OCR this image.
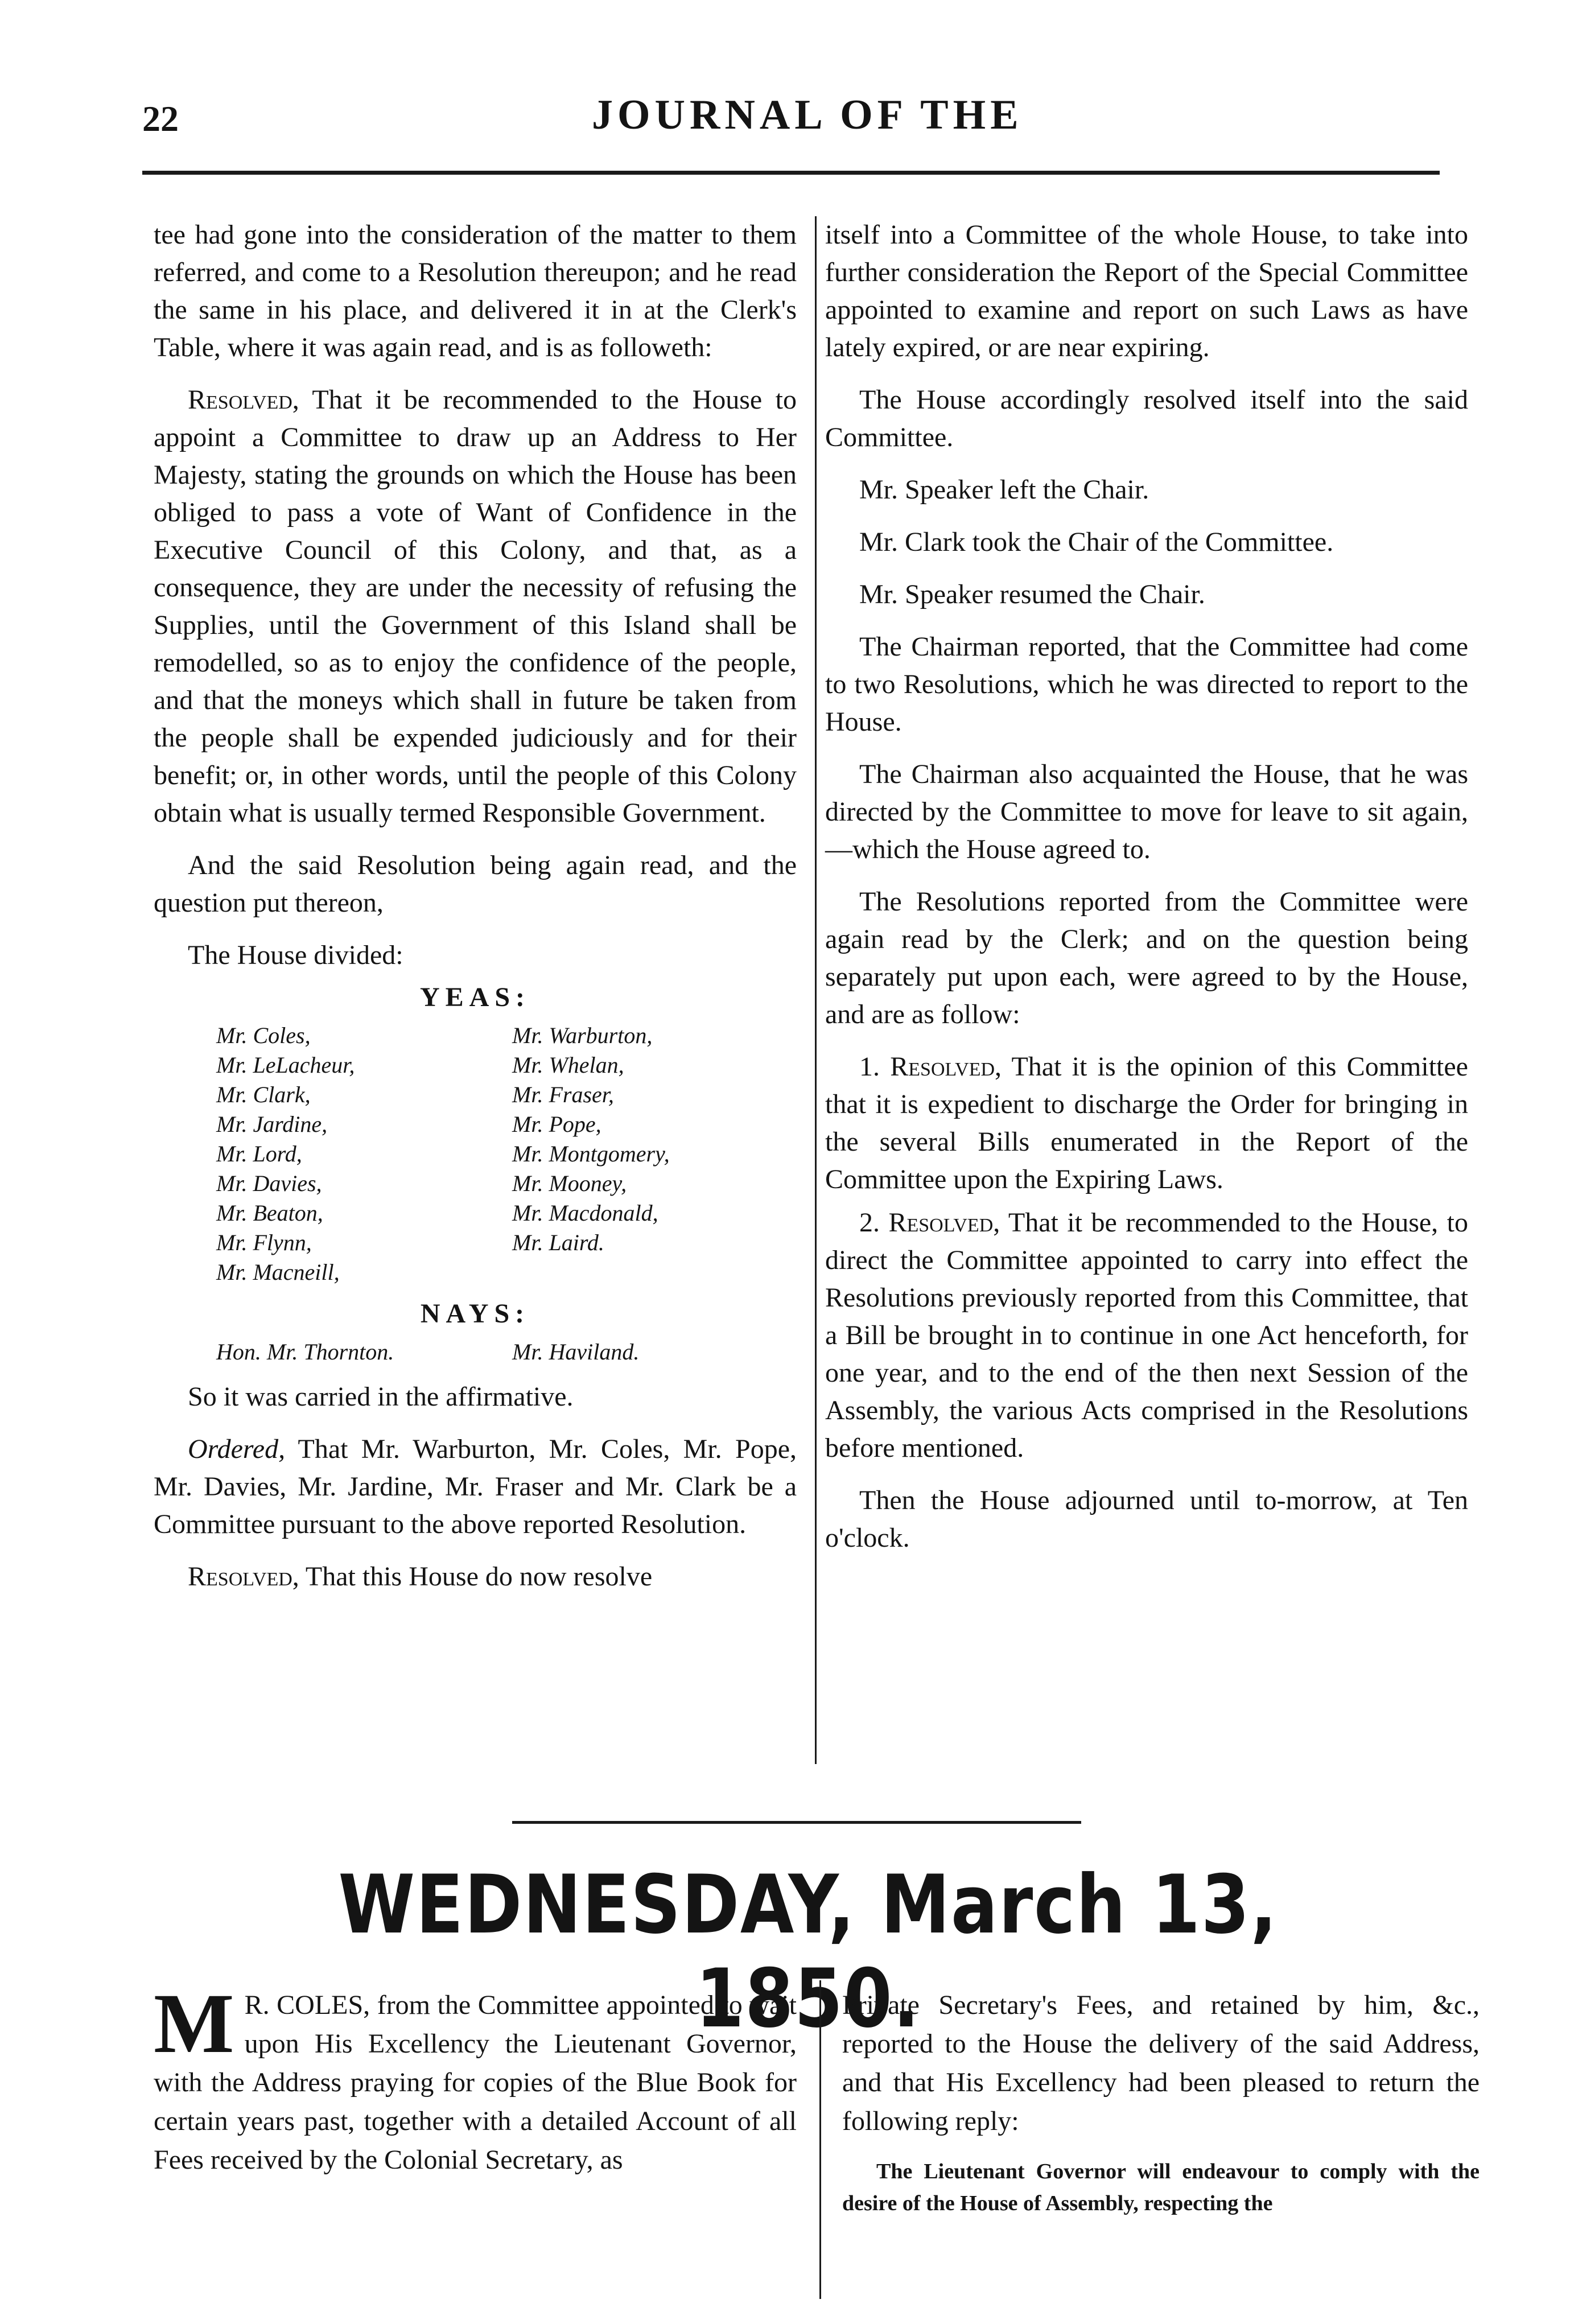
22	JOURNAL OF THE

tee had gone into the consideration of the matter to them referred, and come to a Resolution thereupon; and he read the same in his place, and delivered it in at the Clerk's Table, where it was again read, and is as followeth:

Resolved, That it be recommended to the House to appoint a Committee to draw up an Address to Her Majesty, stating the grounds on which the House has been obliged to pass a vote of Want of Confidence in the Executive Council of this Colony, and that, as a consequence, they are under the necessity of refusing the Supplies, until the Government of this Island shall be remodelled, so as to enjoy the confidence of the people, and that the moneys which shall in future be taken from the people shall be expended judiciously and for their benefit; or, in other words, until the people of this Colony obtain what is usually termed Responsible Government.

And the said Resolution being again read, and the question put thereon,

The House divided:

YEAS:
Mr. Coles,
Mr. LeLacheur,
Mr. Clark,
Mr. Jardine,
Mr. Lord,
Mr. Davies,
Mr. Beaton,
Mr. Flynn,
Mr. Macneill,
Mr. Warburton,
Mr. Whelan,
Mr. Fraser,
Mr. Pope,
Mr. Montgomery,
Mr. Mooney,
Mr. Macdonald,
Mr. Laird.
NAYS:
Hon. Mr. Thornton.	Mr. Haviland.

So it was carried in the affirmative.

Ordered, That Mr. Warburton, Mr. Coles, Mr. Pope, Mr. Davies, Mr. Jardine, Mr. Fraser and Mr. Clark be a Committee pursuant to the above reported Resolution.

Resolved, That this House do now resolve

itself into a Committee of the whole House, to take into further consideration the Report of the Special Committee appointed to examine and report on such Laws as have lately expired, or are near expiring.

The House accordingly resolved itself into the said Committee.

Mr. Speaker left the Chair.

Mr. Clark took the Chair of the Committee.

Mr. Speaker resumed the Chair.

The Chairman reported, that the Committee had come to two Resolutions, which he was directed to report to the House.

The Chairman also acquainted the House, that he was directed by the Committee to move for leave to sit again,—which the House agreed to.

The Resolutions reported from the Committee were again read by the Clerk; and on the question being separately put upon each, were agreed to by the House, and are as follow:

1. Resolved, That it is the opinion of this Committee that it is expedient to discharge the Order for bringing in the several Bills enumerated in the Report of the Committee upon the Expiring Laws.

2. Resolved, That it be recommended to the House, to direct the Committee appointed to carry into effect the Resolutions previously reported from this Committee, that a Bill be brought in to continue in one Act henceforth, for one year, and to the end of the then next Session of the Assembly, the various Acts comprised in the Resolutions before mentioned.

Then the House adjourned until to-morrow, at Ten o'clock.

WEDNESDAY, March 13, 1850.

M R. COLES, from the Committee appointed to wait upon His Excellency the Lieutenant Governor, with the Address praying for copies of the Blue Book for certain years past, together with a detailed Account of all Fees received by the Colonial Secretary, as

Private Secretary's Fees, and retained by him, &c., reported to the House the delivery of the said Address, and that His Excellency had been pleased to return the following reply:

The Lieutenant Governor will endeavour to comply with the desire of the House of Assembly, respecting the
